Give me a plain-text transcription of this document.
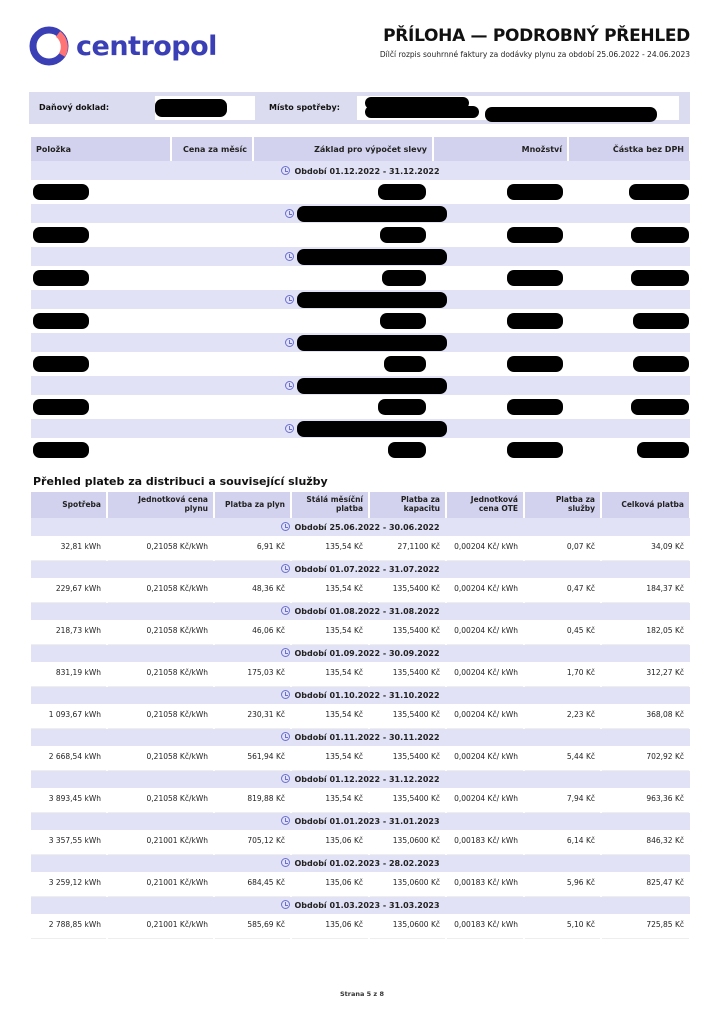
centropol	PŘÍLOHA — PODROBNÝ PŘEHLED
Dílčí rozpis souhrnné faktury za dodávky plynu za období 25.06.2022 - 24.06.2023
Daňový doklad:	Místo spotřeby:
Položka	Cena za měsíc	Základ pro výpočet slevy	Množství	Částka bez DPH
Období 01.12.2022 - 31.12.2022				

Přehled plateb za distribuci a související služby
Spotřeba	Jednotková cena plynu	Platba za plyn	Stálá měsíční platba	Platba za kapacitu	Jednotková cena OTE	Platba za služby	Celková platba
Období 25.06.2022 - 30.06.2022							
32,81 kWh	0,21058 Kč/kWh	6,91 Kč	135,54 Kč	27,1100 Kč	0,00204 Kč/ kWh	0,07 Kč	34,09 Kč
Období 01.07.2022 - 31.07.2022							
229,67 kWh	0,21058 Kč/kWh	48,36 Kč	135,54 Kč	135,5400 Kč	0,00204 Kč/ kWh	0,47 Kč	184,37 Kč
Období 01.08.2022 - 31.08.2022							
218,73 kWh	0,21058 Kč/kWh	46,06 Kč	135,54 Kč	135,5400 Kč	0,00204 Kč/ kWh	0,45 Kč	182,05 Kč
Období 01.09.2022 - 30.09.2022							
831,19 kWh	0,21058 Kč/kWh	175,03 Kč	135,54 Kč	135,5400 Kč	0,00204 Kč/ kWh	1,70 Kč	312,27 Kč
Období 01.10.2022 - 31.10.2022							
1 093,67 kWh	0,21058 Kč/kWh	230,31 Kč	135,54 Kč	135,5400 Kč	0,00204 Kč/ kWh	2,23 Kč	368,08 Kč
Období 01.11.2022 - 30.11.2022							
2 668,54 kWh	0,21058 Kč/kWh	561,94 Kč	135,54 Kč	135,5400 Kč	0,00204 Kč/ kWh	5,44 Kč	702,92 Kč
Období 01.12.2022 - 31.12.2022							
3 893,45 kWh	0,21058 Kč/kWh	819,88 Kč	135,54 Kč	135,5400 Kč	0,00204 Kč/ kWh	7,94 Kč	963,36 Kč
Období 01.01.2023 - 31.01.2023							
3 357,55 kWh	0,21001 Kč/kWh	705,12 Kč	135,06 Kč	135,0600 Kč	0,00183 Kč/ kWh	6,14 Kč	846,32 Kč
Období 01.02.2023 - 28.02.2023							
3 259,12 kWh	0,21001 Kč/kWh	684,45 Kč	135,06 Kč	135,0600 Kč	0,00183 Kč/ kWh	5,96 Kč	825,47 Kč
Období 01.03.2023 - 31.03.2023							
2 788,85 kWh	0,21001 Kč/kWh	585,69 Kč	135,06 Kč	135,0600 Kč	0,00183 Kč/ kWh	5,10 Kč	725,85 Kč
Strana 5 z 8
